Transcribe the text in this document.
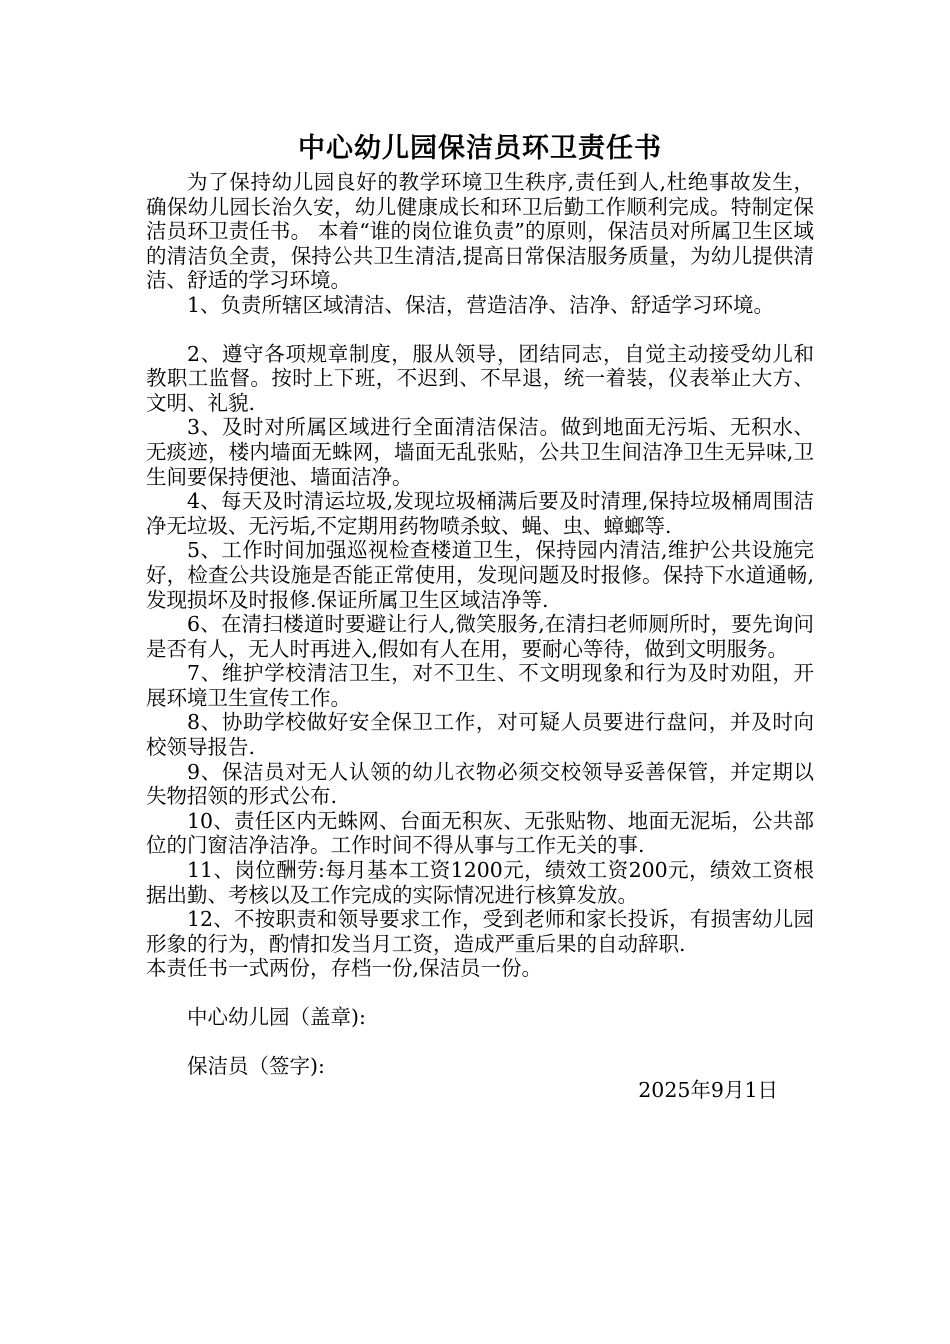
中心幼儿园保洁员环卫责任书

为了保持幼儿园良好的教学环境卫生秩序,责任到人,杜绝事故发生，确保幼儿园长治久安，幼儿健康成长和环卫后勤工作顺利完成。特制定保洁员环卫责任书。 本着“谁的岗位谁负责”的原则，保洁员对所属卫生区域的清洁负全责，保持公共卫生清洁,提高日常保洁服务质量，为幼儿提供清洁、舒适的学习环境。

1、负责所辖区域清洁、保洁，营造洁净、洁净、舒适学习环境。

2、遵守各项规章制度，服从领导，团结同志，自觉主动接受幼儿和教职工监督。按时上下班，不迟到、不早退，统一着装，仪表举止大方、文明、礼貌.

3、及时对所属区域进行全面清洁保洁。做到地面无污垢、无积水、无痰迹，楼内墙面无蛛网，墙面无乱张贴，公共卫生间洁净卫生无异味,卫生间要保持便池、墙面洁净。

4、每天及时清运垃圾,发现垃圾桶满后要及时清理,保持垃圾桶周围洁净无垃圾、无污垢,不定期用药物喷杀蚊、蝇、虫、蟑螂等.

5、工作时间加强巡视检查楼道卫生，保持园内清洁,维护公共设施完好，检查公共设施是否能正常使用，发现问题及时报修。保持下水道通畅,发现损坏及时报修.保证所属卫生区域洁净等.

6、在清扫楼道时要避让行人,微笑服务,在清扫老师厕所时，要先询问是否有人，无人时再进入,假如有人在用，要耐心等待，做到文明服务。

7、维护学校清洁卫生，对不卫生、不文明现象和行为及时劝阻，开展环境卫生宣传工作。

8、协助学校做好安全保卫工作，对可疑人员要进行盘问，并及时向校领导报告.

9、保洁员对无人认领的幼儿衣物必须交校领导妥善保管，并定期以失物招领的形式公布.

10、责任区内无蛛网、台面无积灰、无张贴物、地面无泥垢，公共部位的门窗洁净洁净。工作时间不得从事与工作无关的事.

11、岗位酬劳:每月基本工资1200元，绩效工资200元，绩效工资根据出勤、考核以及工作完成的实际情况进行核算发放。

12、不按职责和领导要求工作，受到老师和家长投诉，有损害幼儿园形象的行为，酌情扣发当月工资，造成严重后果的自动辞职.

本责任书一式两份，存档一份,保洁员一份。

中心幼儿园（盖章):

保洁员（签字):

2025年9月1日
